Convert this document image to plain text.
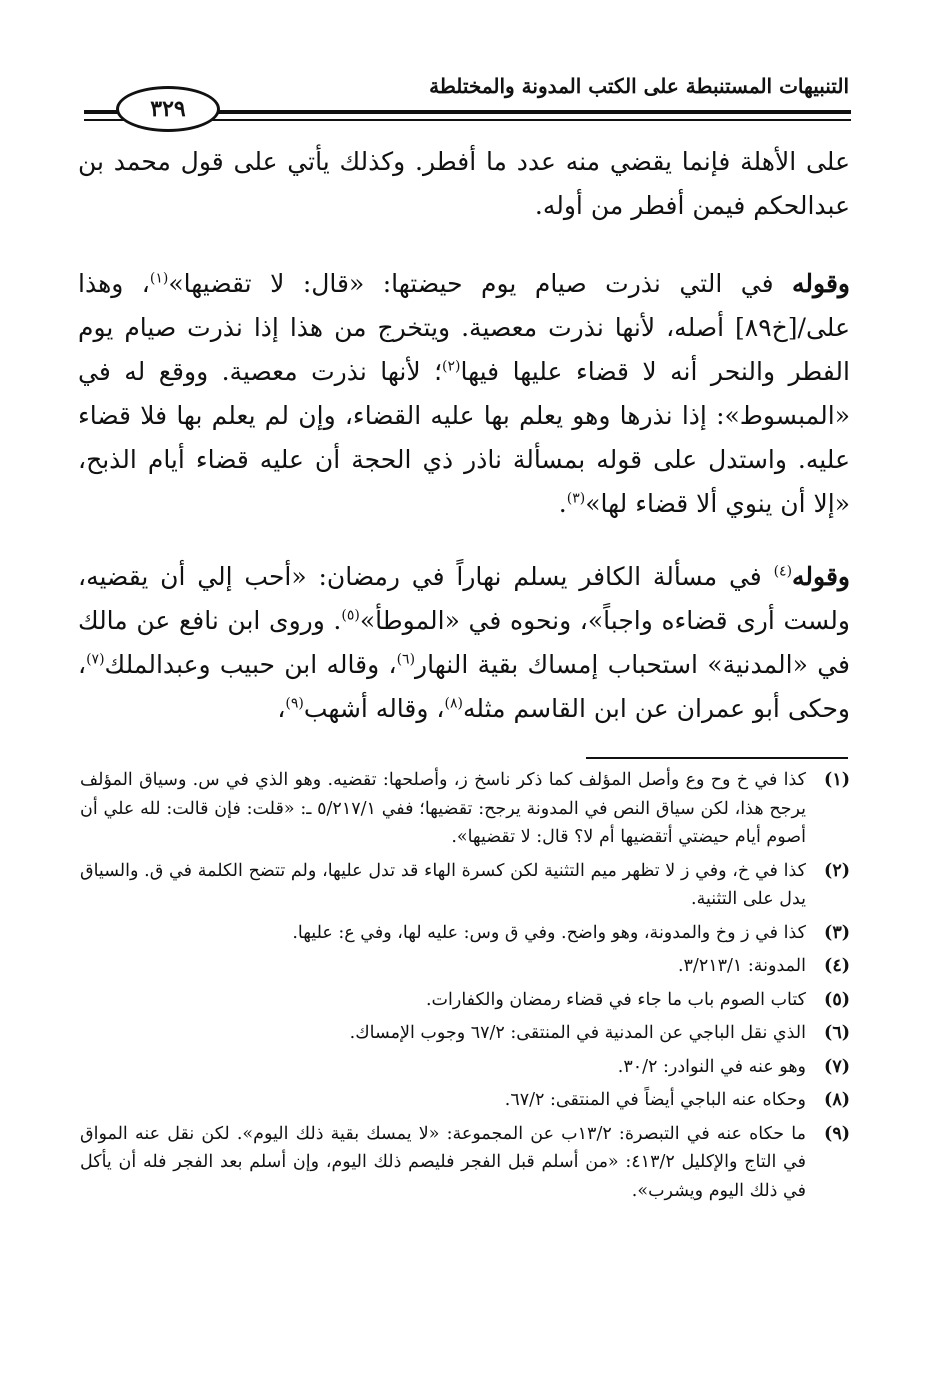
التنبيهات المستنبطة على الكتب المدونة والمختلطة
٣٢٩

على الأهلة فإنما يقضي منه عدد ما أفطر. وكذلك يأتي على قول محمد بن عبدالحكم فيمن أفطر من أوله.

وقوله في التي نذرت صيام يوم حيضتها: «قال: لا تقضيها»$^{(١)}$، وهذا على/[خ٨٩] أصله، لأنها نذرت معصية. ويتخرج من هذا إذا نذرت صيام يوم الفطر والنحر أنه لا قضاء عليها فيها$^{(٢)}$؛ لأنها نذرت معصية. ووقع له في «المبسوط»: إذا نذرها وهو يعلم بها عليه القضاء، وإن لم يعلم بها فلا قضاء عليه. واستدل على قوله بمسألة ناذر ذي الحجة أن عليه قضاء أيام الذبح، «إلا أن ينوي ألا قضاء لها»$^{(٣)}$.

وقوله$^{(٤)}$ في مسألة الكافر يسلم نهاراً في رمضان: «أحب إلي أن يقضيه، ولست أرى قضاءه واجباً»، ونحوه في «الموطأ»$^{(٥)}$. وروى ابن نافع عن مالك في «المدنية» استحباب إمساك بقية النهار$^{(٦)}$، وقاله ابن حبيب وعبدالملك$^{(٧)}$، وحكى أبو عمران عن ابن القاسم مثله$^{(٨)}$، وقاله أشهب$^{(٩)}$،

(١)
كذا في خ وح وع وأصل المؤلف كما ذكر ناسخ ز، وأصلحها: تقضيه. وهو الذي في س. وسياق المؤلف يرجح هذا، لكن سياق النص في المدونة يرجح: تقضيها؛ ففي ٥/٢١٧/١ ـ: «قلت: فإن قالت: لله علي أن أصوم أيام حيضتي أتقضيها أم لا؟ قال: لا تقضيها».
(٢)
كذا في خ، وفي ز لا تظهر ميم التثنية لكن كسرة الهاء قد تدل عليها، ولم تتضح الكلمة في ق. والسياق يدل على التثنية.
(٣)
كذا في ز وخ والمدونة، وهو واضح. وفي ق وس: عليه لها، وفي ع: عليها.
(٤)
المدونة: ٣/٢١٣/١.
(٥)
كتاب الصوم باب ما جاء في قضاء رمضان والكفارات.
(٦)
الذي نقل الباجي عن المدنية في المنتقى: ٦٧/٢ وجوب الإمساك.
(٧)
وهو عنه في النوادر: ٣٠/٢.
(٨)
وحكاه عنه الباجي أيضاً في المنتقى: ٦٧/٢.
(٩)
ما حكاه عنه في التبصرة: ١٣/٢ب عن المجموعة: «لا يمسك بقية ذلك اليوم». لكن نقل عنه المواق في التاج والإكليل ٤١٣/٢: «من أسلم قبل الفجر فليصم ذلك اليوم، وإن أسلم بعد الفجر فله أن يأكل في ذلك اليوم ويشرب».
